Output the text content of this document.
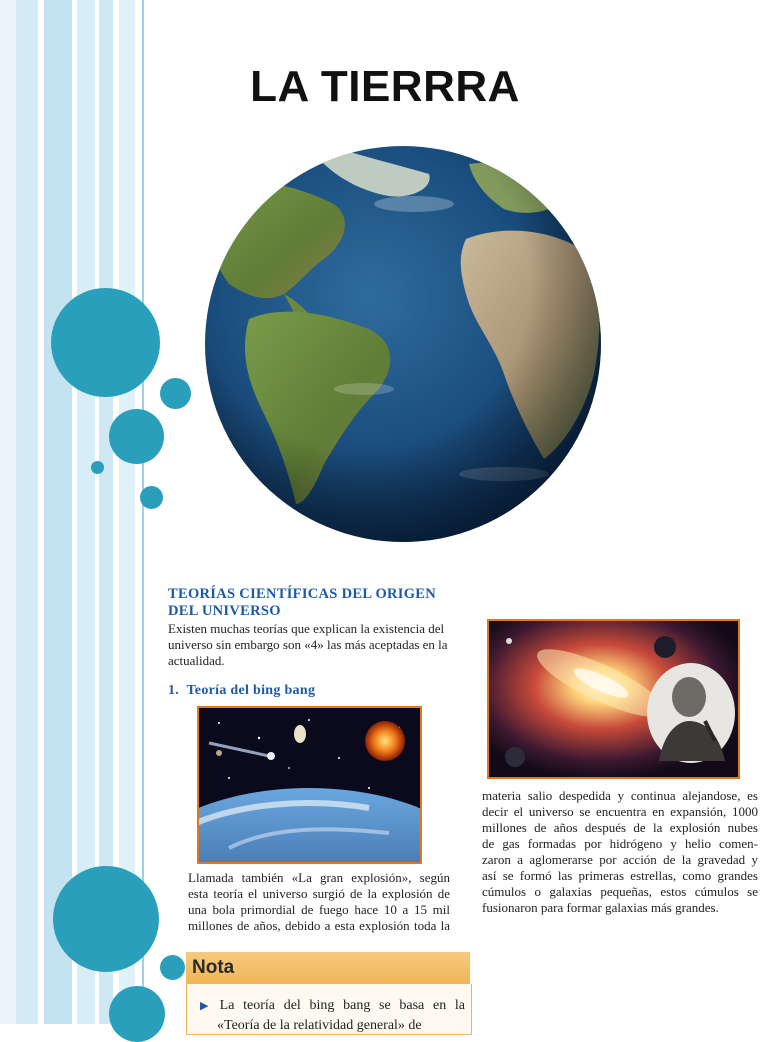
LA TIERRRA
TEORÍAS CIENTÍFICAS DEL ORIGEN
DEL UNIVERSO
Existen muchas teorías que explican la existencia del
universo sin embargo son «4» las más aceptadas en la
actualidad.
1.  Teoría del bing bang
Llamada también «La gran explosión», según
esta teoría el universo surgió de la explosión de
una bola primordial de fuego hace 10 a 15 mil
millones de años, debido a esta explosión toda la
materia salio despedida y continua alejandose, es
decir el universo se encuentra en expansión, 1000
millones de años después de la explosión nubes
de gas formadas por hidrógeno y helio comen-
zaron a aglomerarse por acción de la gravedad y
así se formó las primeras estrellas, como grandes
cúmulos o galaxias pequeñas, estos cúmulos se
fusionaron para formar galaxias más grandes.
Nota
▶ La teoría del bing bang se basa en la
«Teoría de la relatividad general» de
